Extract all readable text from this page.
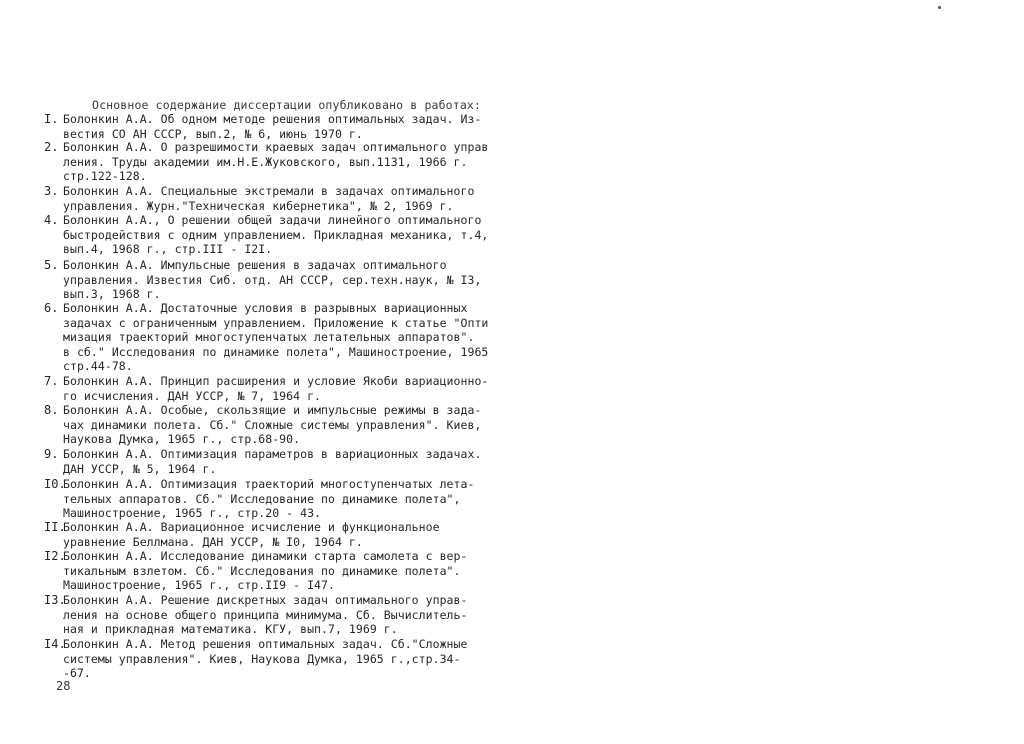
Основное содержание диссертации опубликовано в работах:
I. Болонкин А.А. Об одном методе решения оптимальных задач. Из-
вестия СО АН СССР, вып.2, № 6, июнь 1970 г.
2. Болонкин А.А. О разрешимости краевых задач оптимального управ
ления. Труды академии им.Н.Е.Жуковского, вып.1131, 1966 г.
стр.122-128.
3. Болонкин А.А. Специальные экстремали в задачах оптимального
управления. Журн."Техническая кибернетика", № 2, 1969 г.
4. Болонкин А.А., О решении общей задачи линейного оптимального
быстродействия с одним управлением. Прикладная механика, т.4,
вып.4, 1968 г., стр.III - I2I.
5. Болонкин А.А. Импульсные решения в задачах оптимального
управления. Известия Сиб. отд. АН СССР, сер.техн.наук, № I3,
вып.3, 1968 г.
6. Болонкин А.А. Достаточные условия в разрывных вариационных
задачах с ограниченным управлением. Приложение к статье "Опти
мизация траекторий многоступенчатых летательных аппаратов".
в сб." Исследования по динамике полета", Машиностроение, 1965
стр.44-78.
7. Болонкин А.А. Принцип расширения и условие Якоби вариационно-
го исчисления. ДАН УССР, № 7, 1964 г.
8. Болонкин А.А. Особые, скользящие и импульсные режимы в зада-
чах динамики полета. Сб." Сложные системы управления". Киев,
Наукова Думка, 1965 г., стр.68-90.
9. Болонкин А.А. Оптимизация параметров в вариационных задачах.
ДАН УССР, № 5, 1964 г.
I0.
Болонкин А.А. Оптимизация траекторий многоступенчатых лета-
тельных аппаратов. Сб." Исследование по динамике полета",
Машиностроение, 1965 г., стр.20 - 43.
II.
Болонкин А.А. Вариационное исчисление и функциональное
уравнение Беллмана. ДАН УССР, № I0, 1964 г.
I2.
Болонкин А.А. Исследование динамики старта самолета с вер-
тикальным взлетом. Сб." Исследования по динамике полета".
Машиностроение, 1965 г., стр.II9 - I47.
I3.
Болонкин А.А. Решение дискретных задач оптимального управ-
ления на основе общего принципа минимума. Сб. Вычислитель-
ная и прикладная математика. КГУ, вып.7, 1969 г.
I4.
Болонкин А.А. Метод решения оптимальных задач. Сб."Сложные
системы управления". Киев, Наукова Думка, 1965 г.,стр.34-
-67.
28
